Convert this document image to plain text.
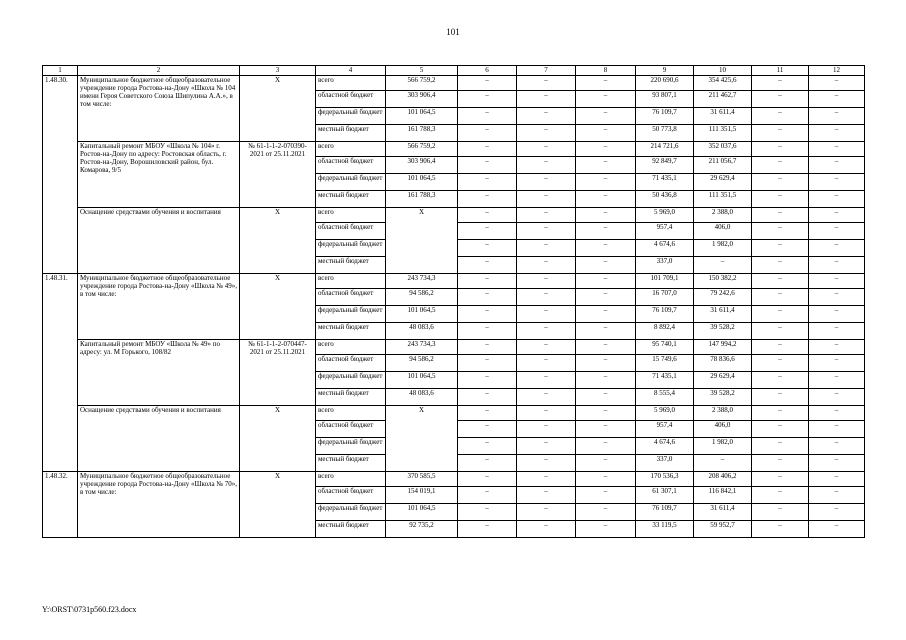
101
1	2	3	4	5	6	7	8	9	10	11	12
1.48.30.	Муниципальное бюджетное общеобразовательное учреждение города Ростова-на-Дону «Школа № 104 имени Героя Советского Союза Шипулина А.А.», в том числе:	X	всего	566 759,2	–	–	–	220 690,6	354 425,6	–	–
			областной бюджет	303 906,4	–	–	–	93 807,1	211 462,7	–	–
			федеральный бюджет	101 064,5	–	–	–	76 109,7	31 611,4	–	–
			местный бюджет	161 788,3	–	–	–	50 773,8	111 351,5	–	–
	Капитальный ремонт МБОУ «Школа № 104» г. Ростов-на-Дону по адресу: Ростовская область, г. Ростов-на-Дону, Ворошиловский район, бул. Комарова, 9/5	№ 61-1-1-2-070390-2021 от 25.11.2021	всего	566 759,2	–	–	–	214 721,6	352 037,6	–	–
			областной бюджет	303 906,4	–	–	–	92 849,7	211 056,7	–	–
			федеральный бюджет	101 064,5	–	–	–	71 435,1	29 629,4	–	–
			местный бюджет	161 788,3	–	–	–	50 436,8	111 351,5	–	–
	Оснащение средствами обучения и воспитания	X	всего	X	–	–	–	5 969,0	2 388,0	–	–
			областной бюджет		–	–	–	957,4	406,0	–	–
			федеральный бюджет		–	–	–	4 674,6	1 982,0	–	–
			местный бюджет		–	–	–	337,0	–	–	–
1.48.31.	Муниципальное бюджетное общеобразовательное учреждение города Ростова-на-Дону «Школа № 49», в том числе:	X	всего	243 734,3	–	–	–	101 709,1	150 382,2	–	–
			областной бюджет	94 586,2	–	–	–	16 707,0	79 242,6	–	–
			федеральный бюджет	101 064,5	–	–	–	76 109,7	31 611,4	–	–
			местный бюджет	48 083,6	–	–	–	8 892,4	39 528,2	–	–
	Капитальный ремонт МБОУ «Школа № 49» по адресу: ул. М Горького, 108/82	№ 61-1-1-2-070447-2021 от 25.11.2021	всего	243 734,3	–	–	–	95 740,1	147 994,2	–	–
			областной бюджет	94 586,2	–	–	–	15 749,6	78 836,6	–	–
			федеральный бюджет	101 064,5	–	–	–	71 435,1	29 629,4	–	–
			местный бюджет	48 083,6	–	–	–	8 555,4	39 528,2	–	–
	Оснащение средствами обучения и воспитания	X	всего	X	–	–	–	5 969,0	2 388,0	–	–
			областной бюджет		–	–	–	957,4	406,0	–	–
			федеральный бюджет		–	–	–	4 674,6	1 982,0	–	–
			местный бюджет		–	–	–	337,0	–	–	–
1.48.32.	Муниципальное бюджетное общеобразовательное учреждение города Ростова-на-Дону «Школа № 70», в том числе:	X	всего	370 585,5	–	–	–	170 536,3	208 406,2	–	–
			областной бюджет	154 019,1	–	–	–	61 307,1	116 842,1	–	–
			федеральный бюджет	101 064,5	–	–	–	76 109,7	31 611,4	–	–
			местный бюджет	92 735,2	–	–	–	33 119,5	59 952,7	–	–
Y:\ORST\0731p560.f23.docx
